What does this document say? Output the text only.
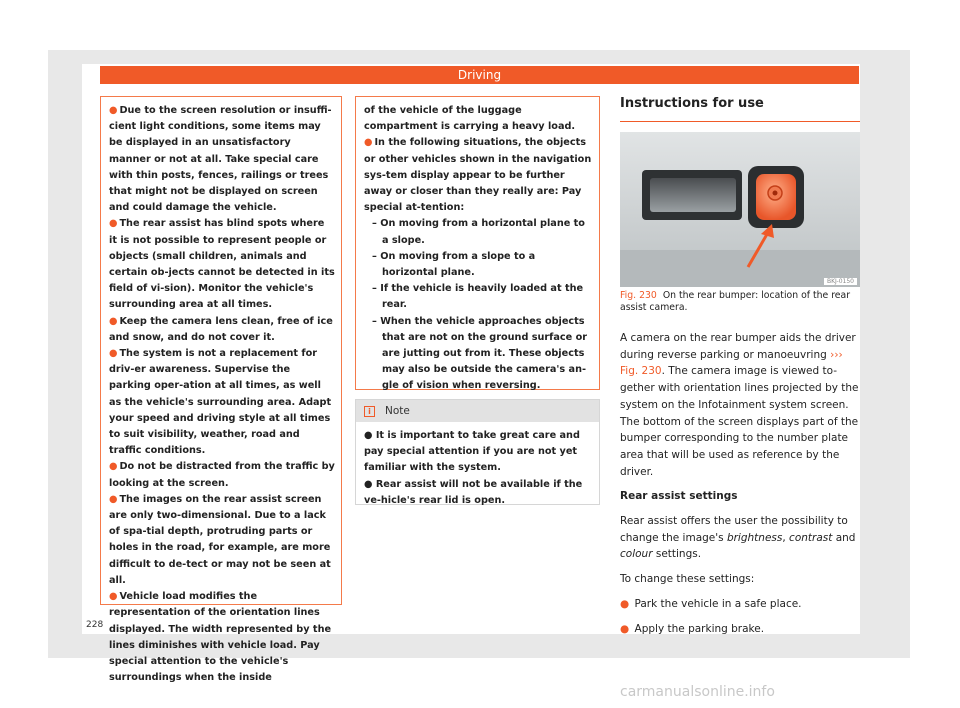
Driving

● Due to the screen resolution or insuffi-cient light conditions, some items may be displayed in an unsatisfactory manner or not at all. Take special care with thin posts, fences, railings or trees that might not be displayed on screen and could damage the vehicle.

● The rear assist has blind spots where it is not possible to represent people or objects (small children, animals and certain ob-jects cannot be detected in its field of vi-sion). Monitor the vehicle's surrounding area at all times.

● Keep the camera lens clean, free of ice and snow, and do not cover it.

● The system is not a replacement for driv-er awareness. Supervise the parking oper-ation at all times, as well as the vehicle's surrounding area. Adapt your speed and driving style at all times to suit visibility, weather, road and traffic conditions.

● Do not be distracted from the traffic by looking at the screen.

● The images on the rear assist screen are only two-dimensional. Due to a lack of spa-tial depth, protruding parts or holes in the road, for example, are more difficult to de-tect or may not be seen at all.

● Vehicle load modifies the representation of the orientation lines displayed. The width represented by the lines diminishes with vehicle load. Pay special attention to the vehicle's surroundings when the inside

of the vehicle of the luggage compartment is carrying a heavy load.

● In the following situations, the objects or other vehicles shown in the navigation sys-tem display appear to be further away or closer than they really are: Pay special at-tention:

– On moving from a horizontal plane to a slope.

– On moving from a slope to a horizontal plane.

– If the vehicle is heavily loaded at the rear.

– When the vehicle approaches objects that are not on the ground surface or are jutting out from it. These objects may also be outside the camera's an-gle of vision when reversing.

i	Note

● It is important to take great care and pay special attention if you are not yet familiar with the system.

● Rear assist will not be available if the ve-hicle's rear lid is open.

Instructions for use
BKJ-0150
Fig. 230 On the rear bumper: location of the rear assist camera.

A camera on the rear bumper aids the driver during reverse parking or manoeuvring ››› Fig. 230. The camera image is viewed to-gether with orientation lines projected by the system on the Infotainment system screen. The bottom of the screen displays part of the bumper corresponding to the number plate area that will be used as reference by the driver.

Rear assist settings

Rear assist offers the user the possibility to change the image's brightness, contrast and colour settings.

To change these settings:

● Park the vehicle in a safe place.

● Apply the parking brake.

228
carmanualsonline.info
